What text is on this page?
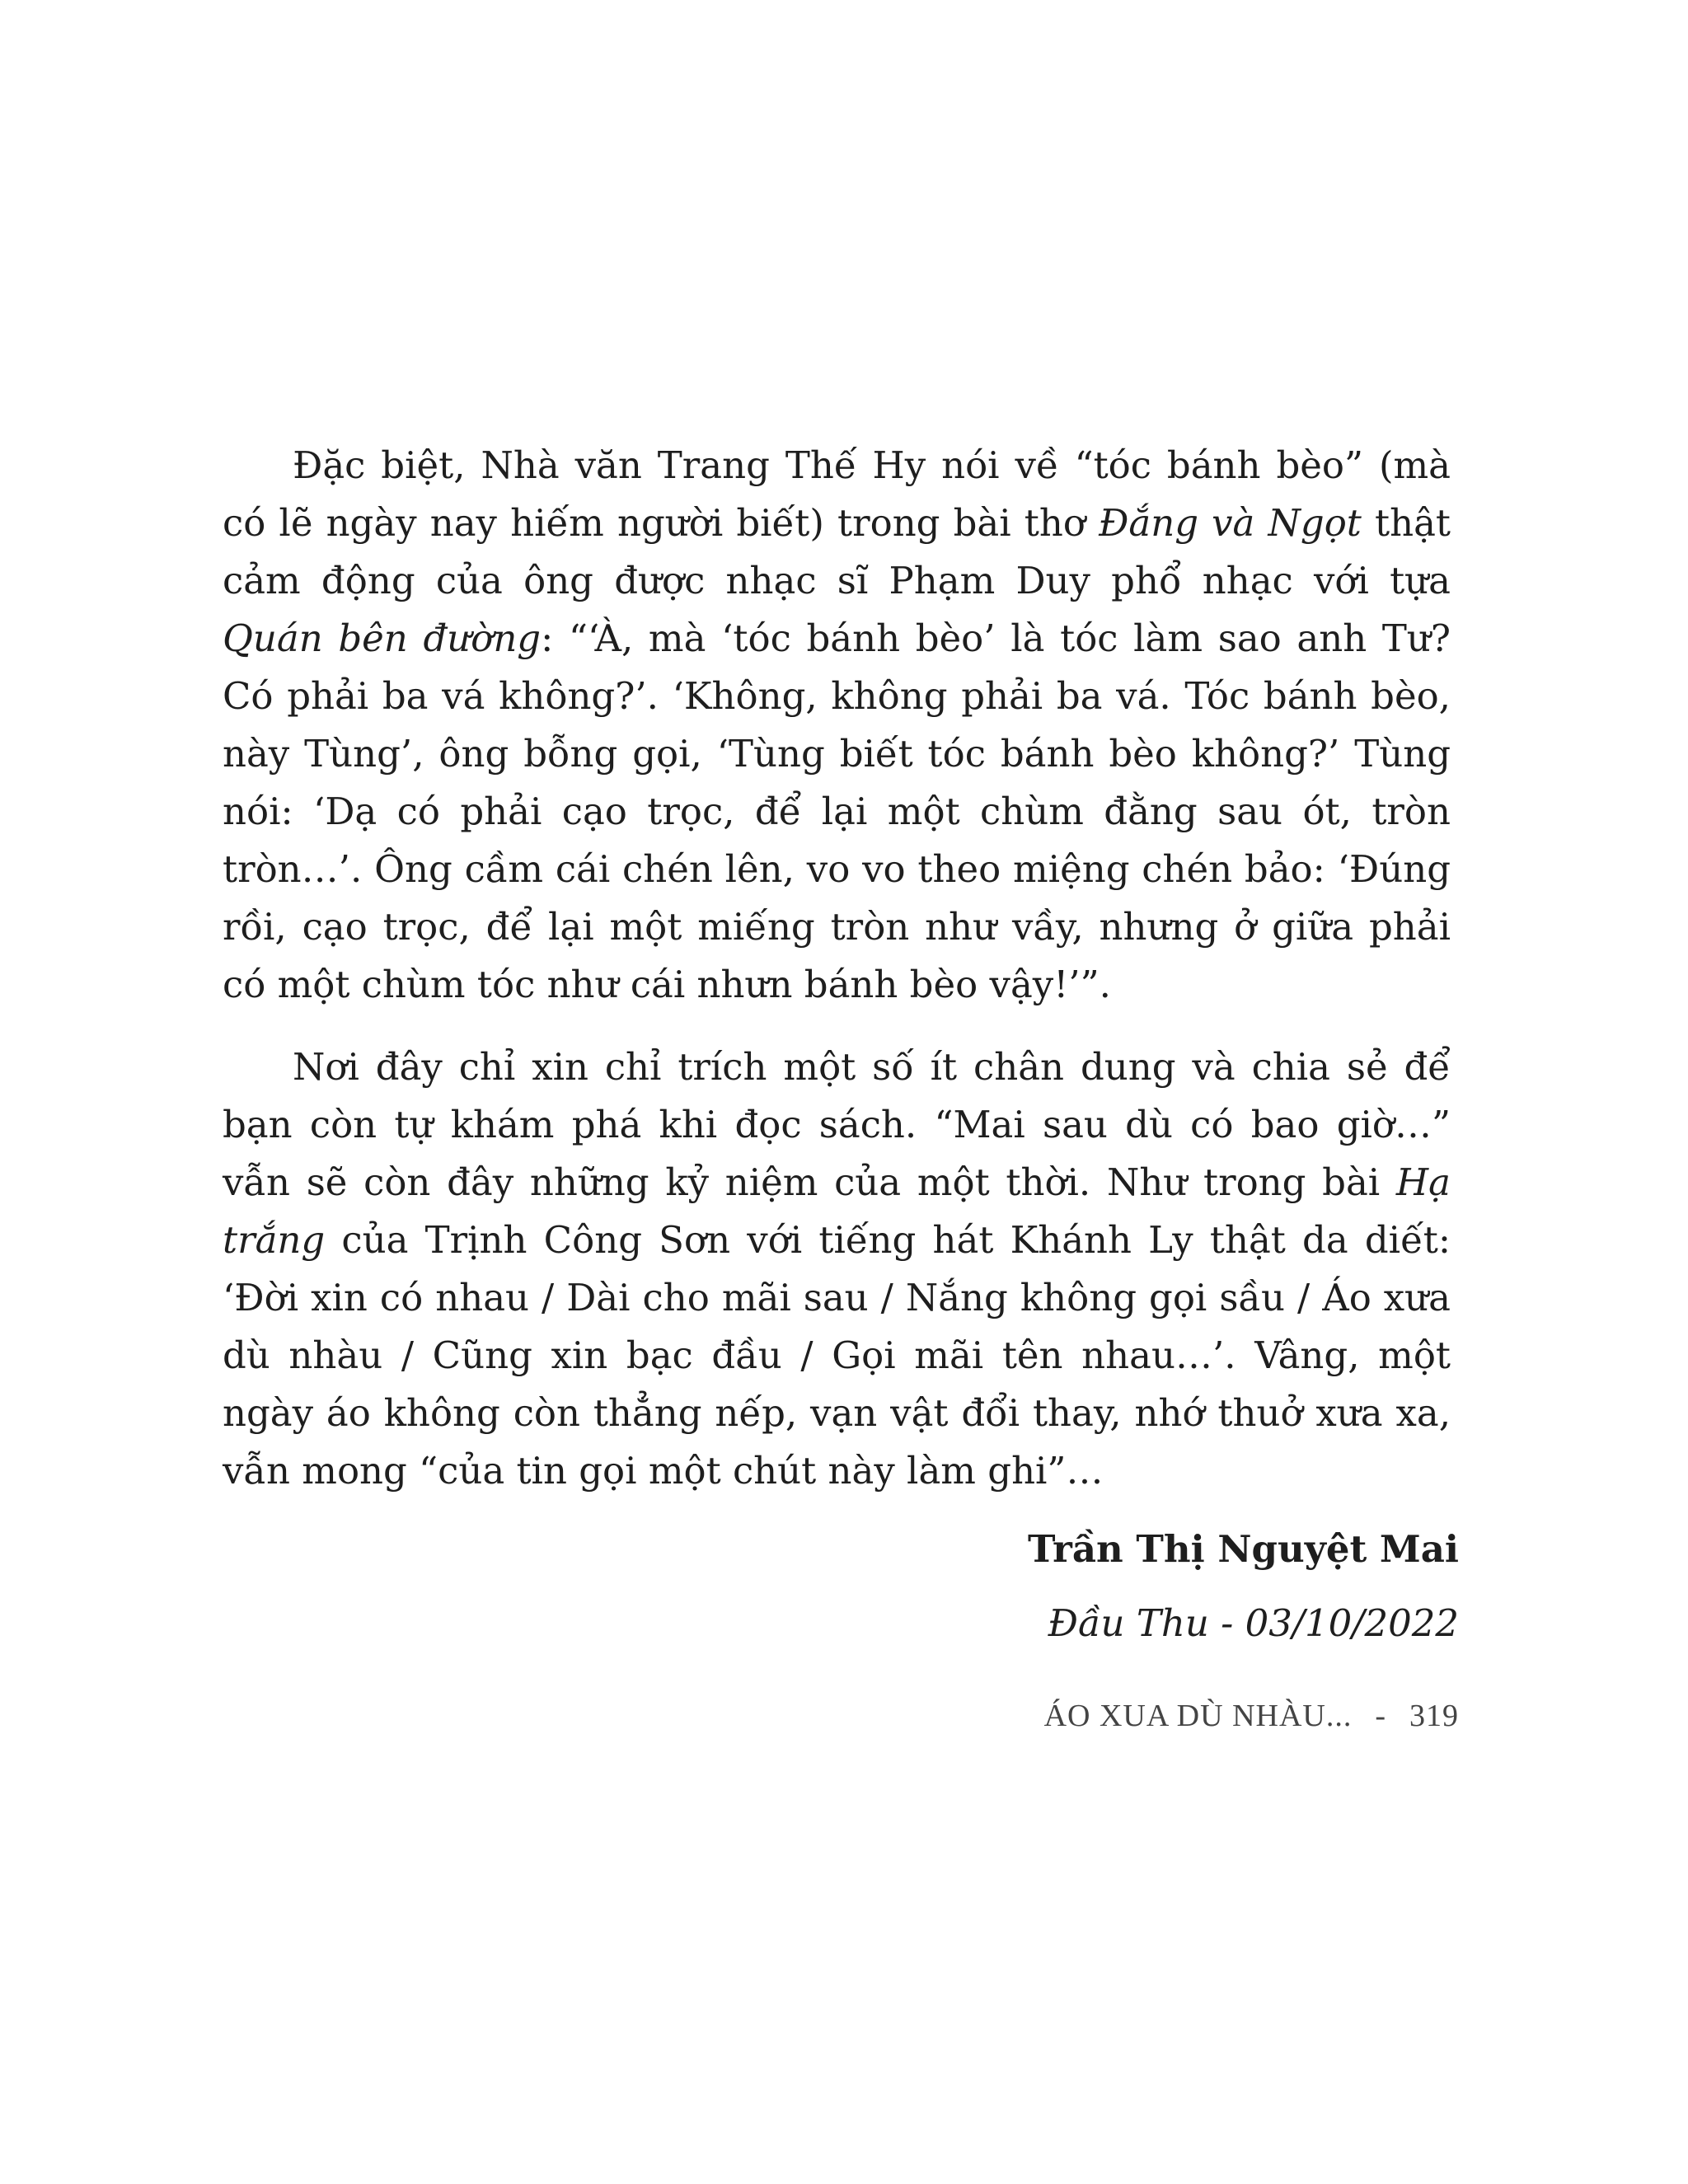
Đặc biệt, Nhà văn Trang Thế Hy nói về “tóc bánh bèo” (mà có lẽ ngày nay hiếm người biết) trong bài thơ Đắng và Ngọt thật cảm động của ông được nhạc sĩ Phạm Duy phổ nhạc với tựa Quán bên đường: “‘À, mà ‘tóc bánh bèo’ là tóc làm sao anh Tư? Có phải ba vá không?’. ‘Không, không phải ba vá. Tóc bánh bèo, này Tùng’, ông bỗng gọi, ‘Tùng biết tóc bánh bèo không?’ Tùng nói: ‘Dạ có phải cạo trọc, để lại một chùm đằng sau ót, tròn tròn…’. Ông cầm cái chén lên, vo vo theo miệng chén bảo: ‘Đúng rồi, cạo trọc, để lại một miếng tròn như vầy, nhưng ở giữa phải có một chùm tóc như cái nhưn bánh bèo vậy!’”.

Nơi đây chỉ xin chỉ trích một số ít chân dung và chia sẻ để bạn còn tự khám phá khi đọc sách. “Mai sau dù có bao giờ…” vẫn sẽ còn đây những kỷ niệm của một thời. Như trong bài Hạ trắng của Trịnh Công Sơn với tiếng hát Khánh Ly thật da diết: ‘Đời xin có nhau / Dài cho mãi sau / Nắng không gọi sầu / Áo xưa dù nhàu / Cũng xin bạc đầu / Gọi mãi tên nhau…’. Vâng, một ngày áo không còn thẳng nếp, vạn vật đổi thay, nhớ thuở xưa xa, vẫn mong “của tin gọi một chút này làm ghi”…

Trần Thị Nguyệt Mai
Đầu Thu - 03/10/2022
ÁO XUA DÙ NHÀU... - 319
